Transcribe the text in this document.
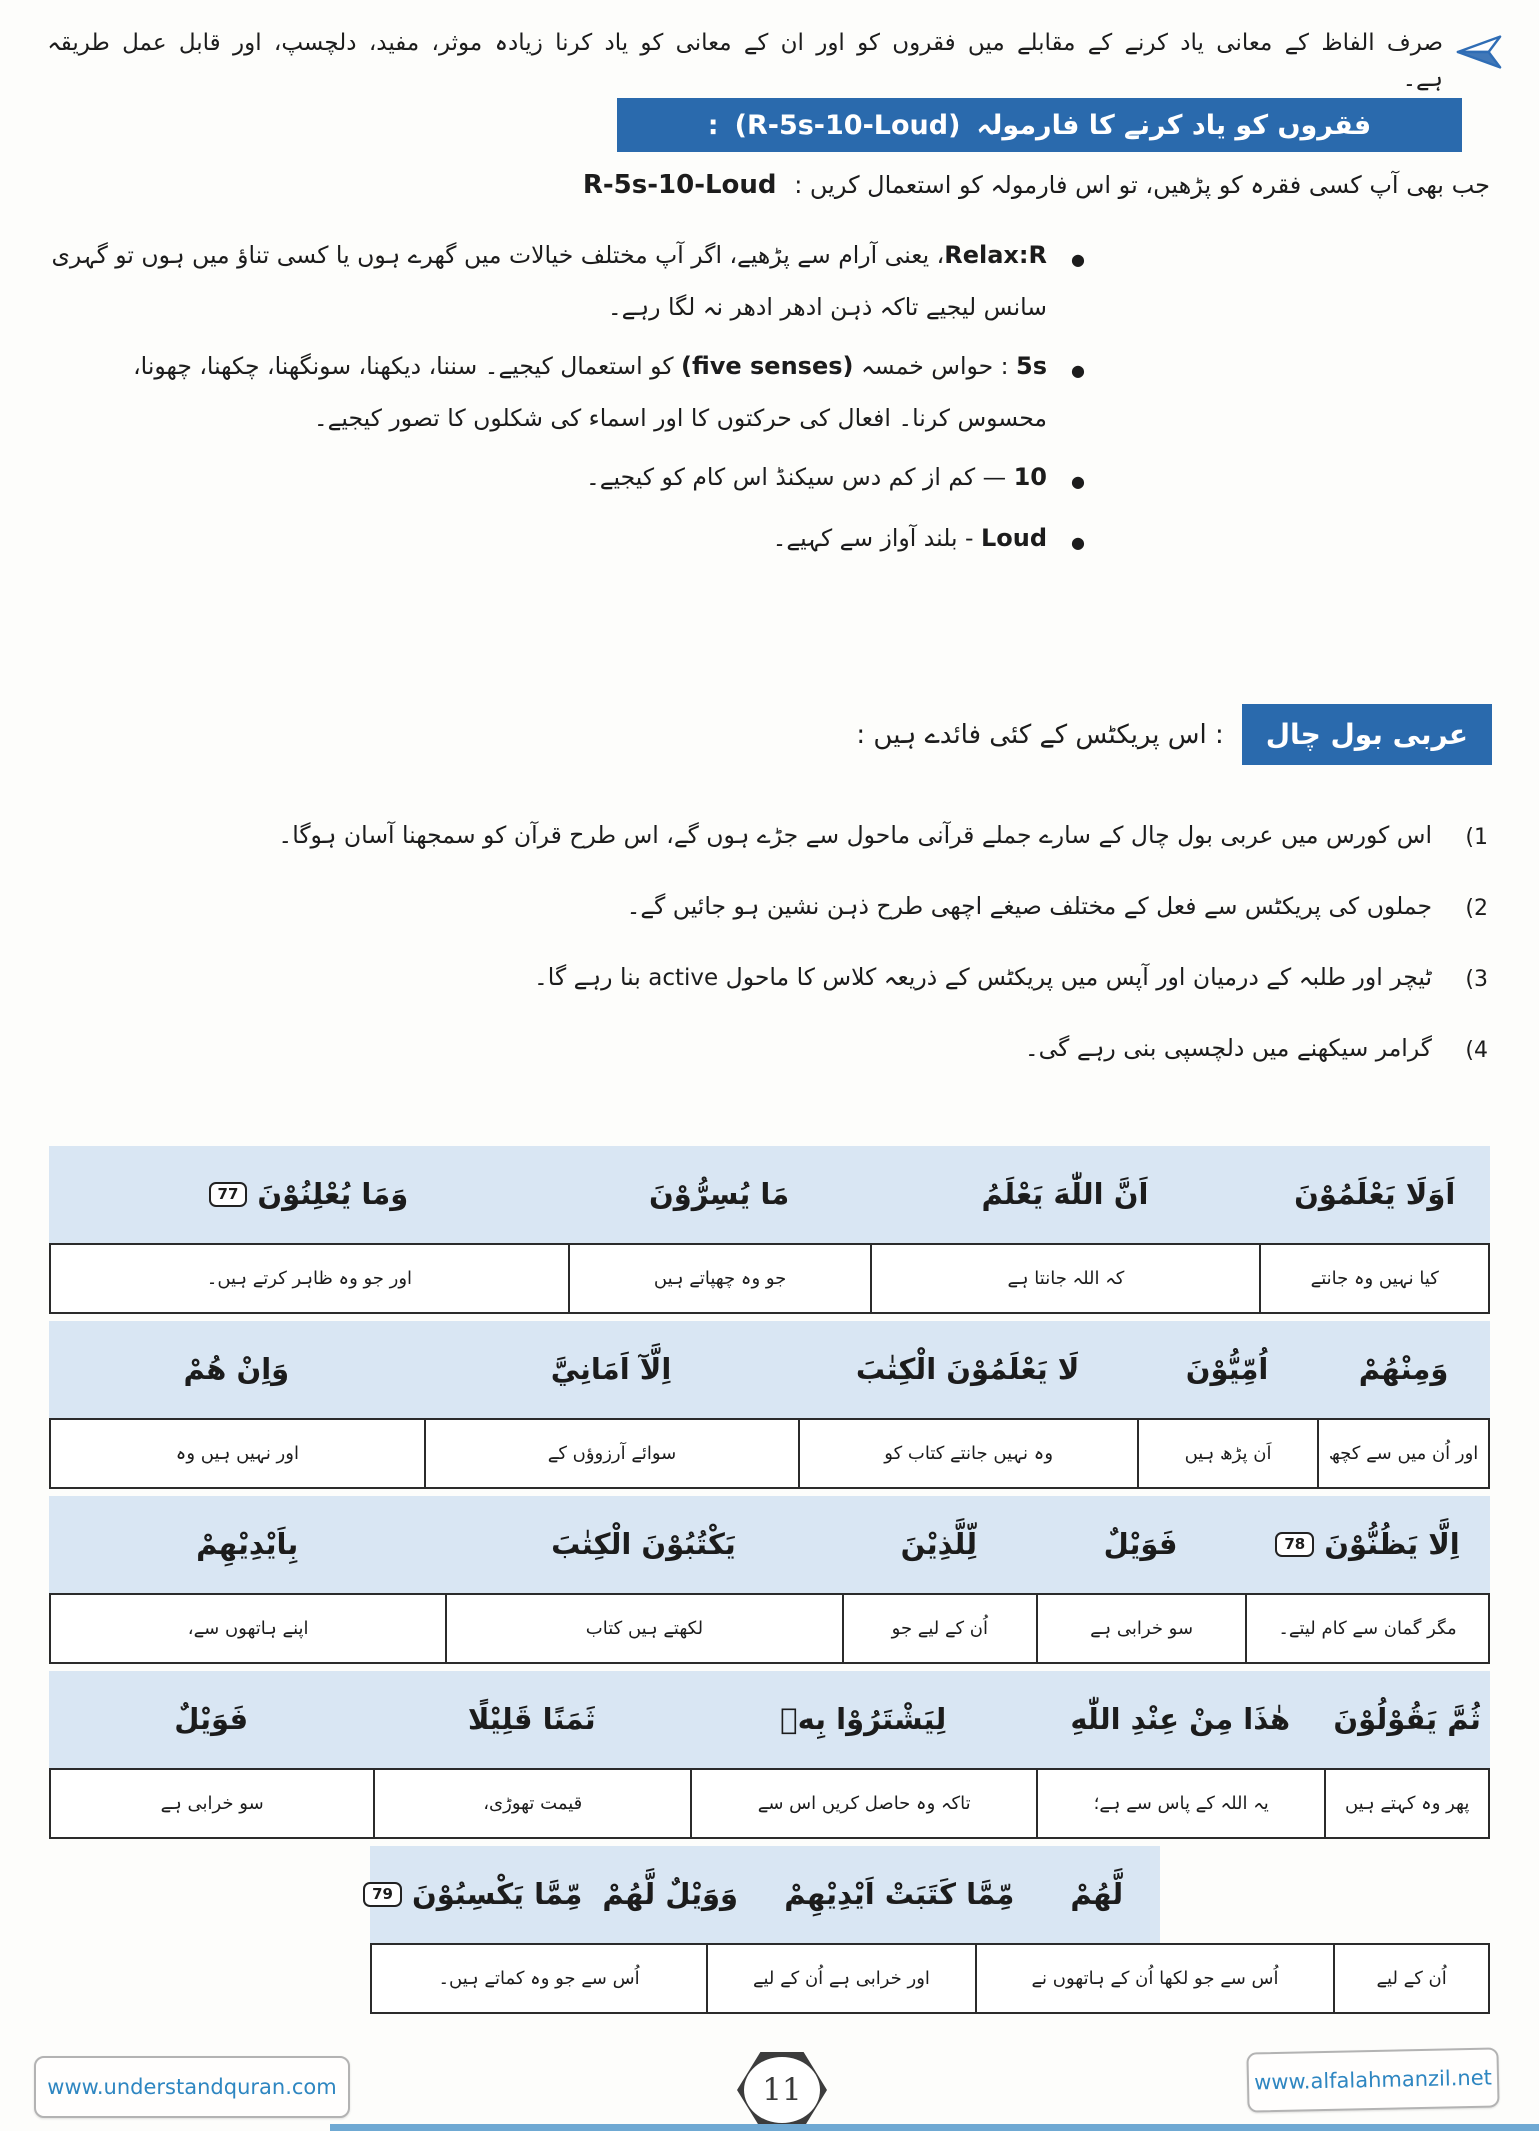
صرف الفاظ کے معانی یاد کرنے کے مقابلے میں فقروں کو اور ان کے معانی کو یاد کرنا زیادہ موثر، مفید، دلچسپ، اور قابل عمل طریقہ ہے۔
فقروں کو یاد کرنے کا فارمولہ
(R-5s-10-Loud)
:
جب بھی آپ کسی فقرہ کو پڑھیں، تو اس فارمولہ کو استعمال کریں : R-5s-10-Loud
●
Relax:R، یعنی آرام سے پڑھیے، اگر آپ مختلف خیالات میں گھرے ہوں یا کسی تناؤ میں ہوں تو گہری سانس لیجیے تاکہ ذہن ادھر ادھر نہ لگا رہے۔
●
5s : حواس خمسہ (five senses) کو استعمال کیجیے۔ سننا، دیکھنا، سونگھنا، چکھنا، چھونا، محسوس کرنا۔ افعال کی حرکتوں کا اور اسماء کی شکلوں کا تصور کیجیے۔
●
10 — کم از کم دس سیکنڈ اس کام کو کیجیے۔
●
Loud - بلند آواز سے کہیے۔
عربی بول چال
: اس پریکٹس کے کئی فائدے ہیں :
(1
اس کورس میں عربی بول چال کے سارے جملے قرآنی ماحول سے جڑے ہوں گے، اس طرح قرآن کو سمجھنا آسان ہوگا۔
(2
جملوں کی پریکٹس سے فعل کے مختلف صیغے اچھی طرح ذہن نشین ہو جائیں گے۔
(3
ٹیچر اور طلبہ کے درمیان اور آپس میں پریکٹس کے ذریعہ کلاس کا ماحول active بنا رہے گا۔
(4
گرامر سیکھنے میں دلچسپی بنی رہے گی۔
اَوَلَا يَعْلَمُوْنَ
اَنَّ اللّٰهَ يَعْلَمُ
مَا يُسِرُّوْنَ
وَمَا يُعْلِنُوْنَ
77
کیا نہیں وہ جانتے
کہ اللہ جانتا ہے
جو وہ چھپاتے ہیں
اور جو وہ ظاہر کرتے ہیں۔
وَمِنْهُمْ
اُمِّيُّوْنَ
لَا يَعْلَمُوْنَ الْكِتٰبَ
اِلَّآ اَمَانِيَّ
وَاِنْ هُمْ
اور اُن میں سے کچھ
اَن پڑھ ہیں
وہ نہیں جانتے کتاب کو
سوائے آرزوؤں کے
اور نہیں ہیں وہ
اِلَّا يَظُنُّوْنَ
78
فَوَيْلٌ
لِّلَّذِيْنَ
يَكْتُبُوْنَ الْكِتٰبَ
بِاَيْدِيْهِمْ
مگر گمان سے کام لیتے۔
سو خرابی ہے
اُن کے لیے جو
لکھتے ہیں کتاب
اپنے ہاتھوں سے،
ثُمَّ يَقُوْلُوْنَ
هٰذَا مِنْ عِنْدِ اللّٰهِ
لِيَشْتَرُوْا بِهٖ
ثَمَنًا قَلِيْلًا
فَوَيْلٌ
پھر وہ کہتے ہیں
یہ اللہ کے پاس سے ہے؛
تاکہ وہ حاصل کریں اس سے
قیمت تھوڑی،
سو خرابی ہے
لَّهُمْ
مِّمَّا كَتَبَتْ اَيْدِيْهِمْ
وَوَيْلٌ لَّهُمْ
مِّمَّا يَكْسِبُوْنَ
79
اُن کے لیے
اُس سے جو لکھا اُن کے ہاتھوں نے
اور خرابی ہے اُن کے لیے
اُس سے جو وہ کماتے ہیں۔
www.understandquran.com	11	www.alfalahmanzil.net
